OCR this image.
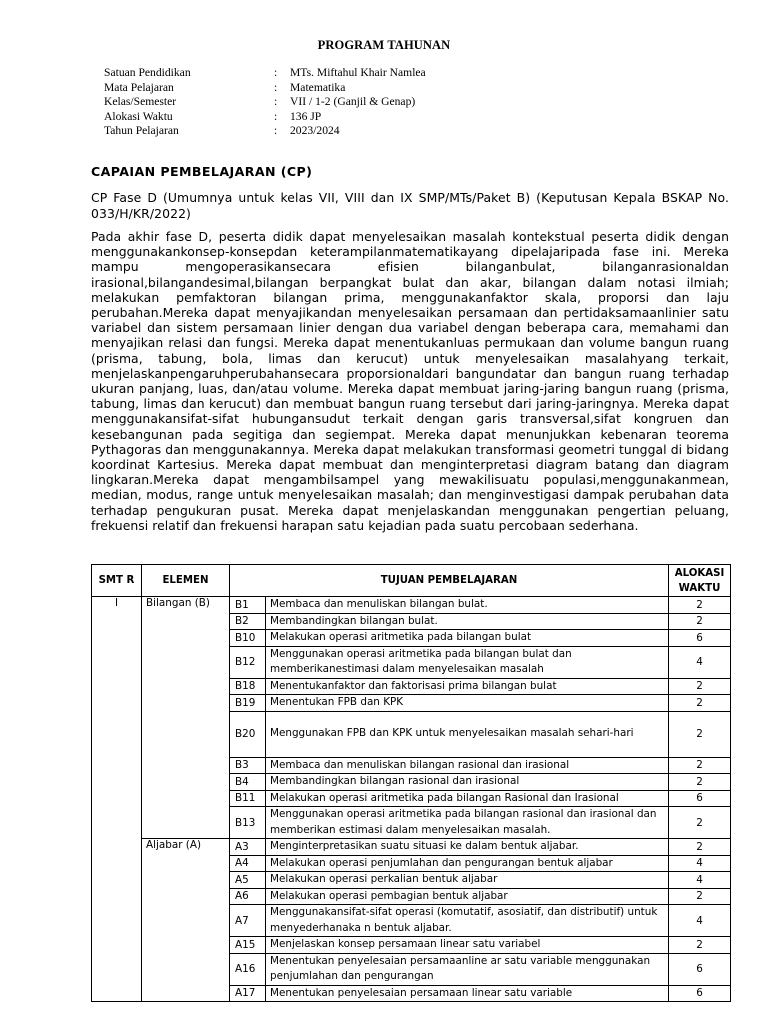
PROGRAM TAHUNAN
Satuan Pendidikan	: MTs. Miftahul Khair Namlea
Mata Pelajaran	: Matematika
Kelas/Semester	: VII / 1-2 (Ganjil & Genap)
Alokasi Waktu	: 136 JP
Tahun Pelajaran	: 2023/2024
CAPAIAN PEMBELAJARAN (CP)
CP Fase D (Umumnya untuk kelas VII, VIII dan IX SMP/MTs/Paket B) (Keputusan Kepala BSKAP No. 033/H/KR/2022)
Pada akhir fase D, peserta didik dapat menyelesaikan masalah kontekstual peserta didik dengan menggunakankonsep-konsepdan keterampilanmatematikayang dipelajaripada fase ini. Mereka mampu mengoperasikansecara efisien bilanganbulat, bilanganrasionaldan irasional,bilangandesimal,bilangan berpangkat bulat dan akar, bilangan dalam notasi ilmiah; melakukan pemfaktoran bilangan prima, menggunakanfaktor skala, proporsi dan laju perubahan.Mereka dapat menyajikandan menyelesaikan persamaan dan pertidaksamaanlinier satu variabel dan sistem persamaan linier dengan dua variabel dengan beberapa cara, memahami dan menyajikan relasi dan fungsi. Mereka dapat menentukanluas permukaan dan volume bangun ruang (prisma, tabung, bola, limas dan kerucut) untuk menyelesaikan masalahyang terkait, menjelaskanpengaruhperubahansecara proporsionaldari bangundatar dan bangun ruang terhadap ukuran panjang, luas, dan/atau volume. Mereka dapat membuat jaring-jaring bangun ruang (prisma, tabung, limas dan kerucut) dan membuat bangun ruang tersebut dari jaring-jaringnya. Mereka dapat menggunakansifat-sifat hubungansudut terkait dengan garis transversal,sifat kongruen dan kesebangunan pada segitiga dan segiempat. Mereka dapat menunjukkan kebenaran teorema Pythagoras dan menggunakannya. Mereka dapat melakukan transformasi geometri tunggal di bidang koordinat Kartesius. Mereka dapat membuat dan menginterpretasi diagram batang dan diagram lingkaran.Mereka dapat mengambilsampel yang mewakilisuatu populasi,menggunakanmean, median, modus, range untuk menyelesaikan masalah; dan menginvestigasi dampak perubahan data terhadap pengukuran pusat. Mereka dapat menjelaskandan menggunakan pengertian peluang, frekuensi relatif dan frekuensi harapan satu kejadian pada suatu percobaan sederhana.
SMT R	ELEMEN	TUJUAN PEMBELAJARAN		ALOKASI WAKTU
I	Bilangan (B)	B1	Membaca dan menuliskan bilangan bulat.	2
		B2	Membandingkan bilangan bulat.	2
		B10	Melakukan operasi aritmetika pada bilangan bulat	6
		B12	Menggunakan operasi aritmetika pada bilangan bulat dan memberikanestimasi dalam menyelesaikan masalah	4
		B18	Menentukanfaktor dan faktorisasi prima bilangan bulat	2
		B19	Menentukan FPB dan KPK	2
		B20	Menggunakan FPB dan KPK untuk menyelesaikan masalah sehari-hari	2
		B3	Membaca dan menuliskan bilangan rasional dan irasional	2
		B4	Membandingkan bilangan rasional dan irasional	2
		B11	Melakukan operasi aritmetika pada bilangan Rasional dan Irasional	6
		B13	Menggunakan operasi aritmetika pada bilangan rasional dan irasional dan memberikan estimasi dalam menyelesaikan masalah.	2
	Aljabar (A)	A3	Menginterpretasikan suatu situasi ke dalam bentuk aljabar.	2
		A4	Melakukan operasi penjumlahan dan pengurangan bentuk aljabar	4
		A5	Melakukan operasi perkalian bentuk aljabar	4
		A6	Melakukan operasi pembagian bentuk aljabar	2
		A7	Menggunakansifat-sifat operasi (komutatif, asosiatif, dan distributif) untuk menyederhanaka n bentuk aljabar.	4
		A15	Menjelaskan konsep persamaan linear satu variabel	2
		A16	Menentukan penyelesaian persamaanline ar satu variable menggunakan penjumlahan dan pengurangan	6
		A17	Menentukan penyelesaian persamaan linear satu variable	6
